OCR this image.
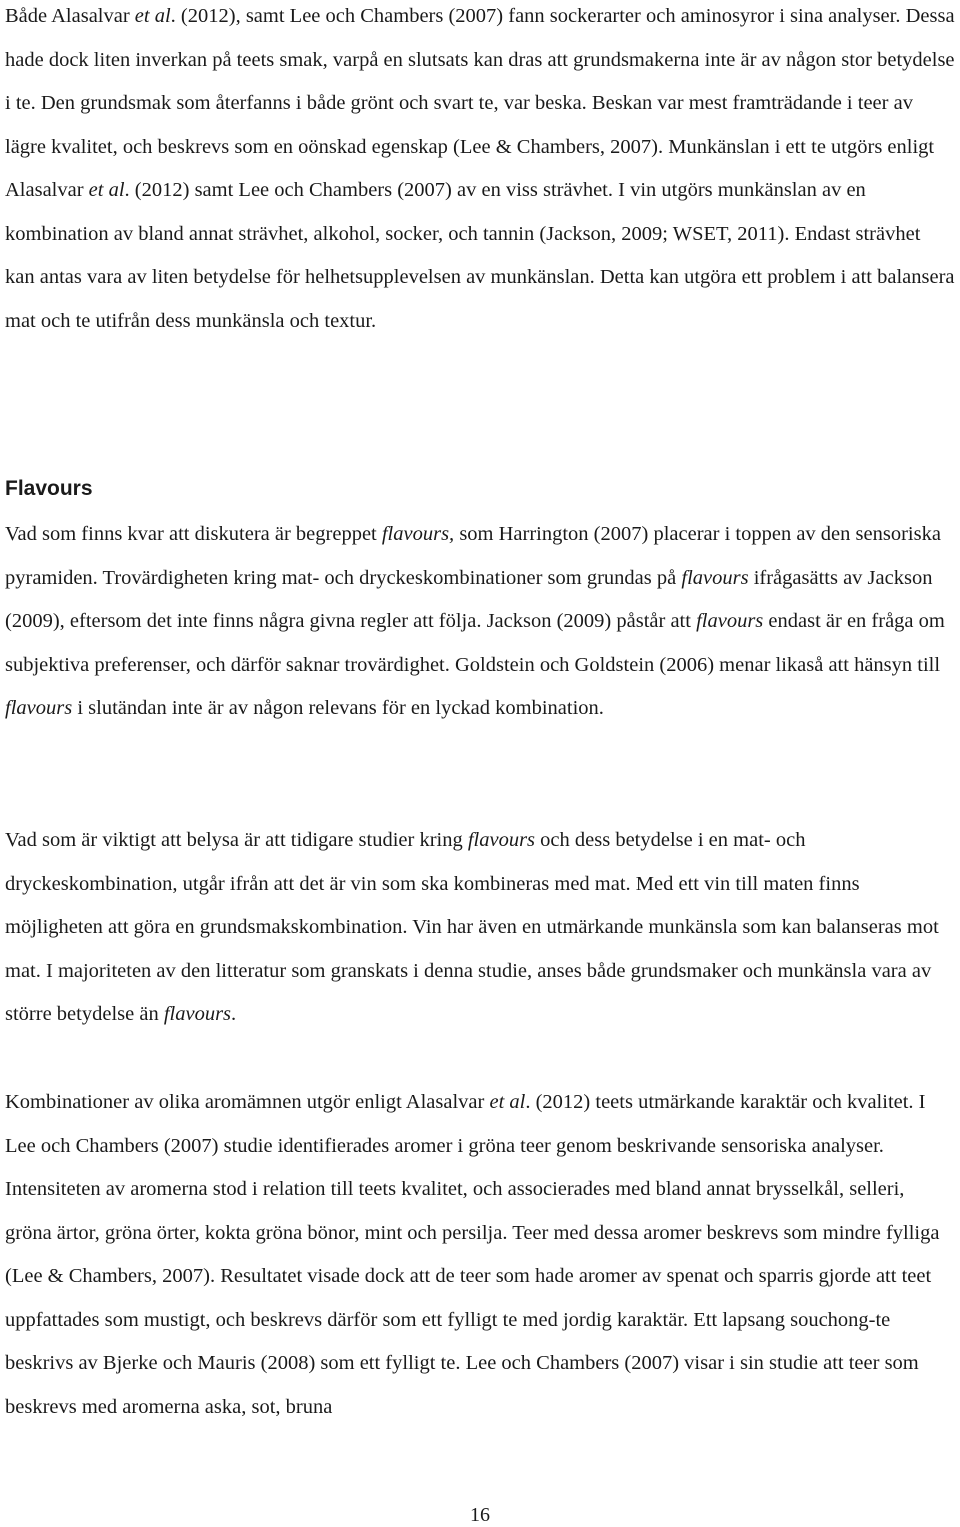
Både Alasalvar et al. (2012), samt Lee och Chambers (2007) fann sockerarter och aminosyror i sina analyser. Dessa hade dock liten inverkan på teets smak, varpå en slutsats kan dras att grundsmakerna inte är av någon stor betydelse i te. Den grundsmak som återfanns i både grönt och svart te, var beska. Beskan var mest framträdande i teer av lägre kvalitet, och beskrevs som en oönskad egenskap (Lee & Chambers, 2007). Munkänslan i ett te utgörs enligt Alasalvar et al. (2012) samt Lee och Chambers (2007) av en viss strävhet. I vin utgörs munkänslan av en kombination av bland annat strävhet, alkohol, socker, och tannin (Jackson, 2009; WSET, 2011). Endast strävhet kan antas vara av liten betydelse för helhetsupplevelsen av munkänslan. Detta kan utgöra ett problem i att balansera mat och te utifrån dess munkänsla och textur.

Flavours

Vad som finns kvar att diskutera är begreppet flavours, som Harrington (2007) placerar i toppen av den sensoriska pyramiden. Trovärdigheten kring mat- och dryckeskombinationer som grundas på flavours ifrågasätts av Jackson (2009), eftersom det inte finns några givna regler att följa. Jackson (2009) påstår att flavours endast är en fråga om subjektiva preferenser, och därför saknar trovärdighet. Goldstein och Goldstein (2006) menar likaså att hänsyn till flavours i slutändan inte är av någon relevans för en lyckad kombination.

Vad som är viktigt att belysa är att tidigare studier kring flavours och dess betydelse i en mat- och dryckeskombination, utgår ifrån att det är vin som ska kombineras med mat. Med ett vin till maten finns möjligheten att göra en grundsmakskombination. Vin har även en utmärkande munkänsla som kan balanseras mot mat. I majoriteten av den litteratur som granskats i denna studie, anses både grundsmaker och munkänsla vara av större betydelse än flavours.

Kombinationer av olika aromämnen utgör enligt Alasalvar et al. (2012) teets utmärkande karaktär och kvalitet. I Lee och Chambers (2007) studie identifierades aromer i gröna teer genom beskrivande sensoriska analyser. Intensiteten av aromerna stod i relation till teets kvalitet, och associerades med bland annat brysselkål, selleri, gröna ärtor, gröna örter, kokta gröna bönor, mint och persilja. Teer med dessa aromer beskrevs som mindre fylliga (Lee & Chambers, 2007). Resultatet visade dock att de teer som hade aromer av spenat och sparris gjorde att teet uppfattades som mustigt, och beskrevs därför som ett fylligt te med jordig karaktär. Ett lapsang souchong-te beskrivs av Bjerke och Mauris (2008) som ett fylligt te. Lee och Chambers (2007) visar i sin studie att teer som beskrevs med aromerna aska, sot, bruna

16
